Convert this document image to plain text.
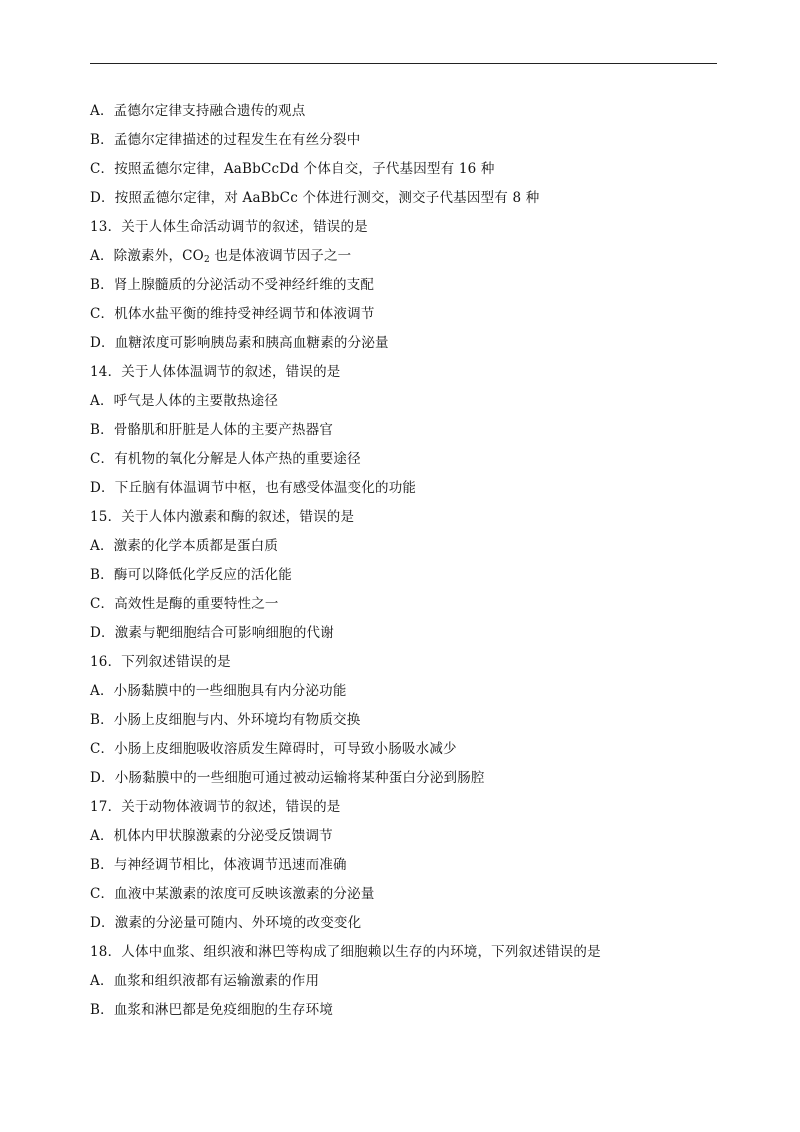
A．孟德尔定律支持融合遗传的观点
B．孟德尔定律描述的过程发生在有丝分裂中
C．按照孟德尔定律，AaBbCcDd 个体自交，子代基因型有 16 种
D．按照孟德尔定律，对 AaBbCc 个体进行测交，测交子代基因型有 8 种
13．关于人体生命活动调节的叙述，错误的是
A．除激素外，$CO_2$ 也是体液调节因子之一
B．肾上腺髓质的分泌活动不受神经纤维的支配
C．机体水盐平衡的维持受神经调节和体液调节
D．血糖浓度可影响胰岛素和胰高血糖素的分泌量
14．关于人体体温调节的叙述，错误的是
A．呼气是人体的主要散热途径
B．骨骼肌和肝脏是人体的主要产热器官
C．有机物的氧化分解是人体产热的重要途径
D．下丘脑有体温调节中枢，也有感受体温变化的功能
15．关于人体内激素和酶的叙述，错误的是
A．激素的化学本质都是蛋白质
B．酶可以降低化学反应的活化能
C．高效性是酶的重要特性之一
D．激素与靶细胞结合可影响细胞的代谢
16．下列叙述错误的是
A．小肠黏膜中的一些细胞具有内分泌功能
B．小肠上皮细胞与内、外环境均有物质交换
C．小肠上皮细胞吸收溶质发生障碍时，可导致小肠吸水减少
D．小肠黏膜中的一些细胞可通过被动运输将某种蛋白分泌到肠腔
17．关于动物体液调节的叙述，错误的是
A．机体内甲状腺激素的分泌受反馈调节
B．与神经调节相比，体液调节迅速而准确
C．血液中某激素的浓度可反映该激素的分泌量
D．激素的分泌量可随内、外环境的改变变化
18．人体中血浆、组织液和淋巴等构成了细胞赖以生存的内环境，下列叙述错误的是
A．血浆和组织液都有运输激素的作用
B．血浆和淋巴都是免疫细胞的生存环境
